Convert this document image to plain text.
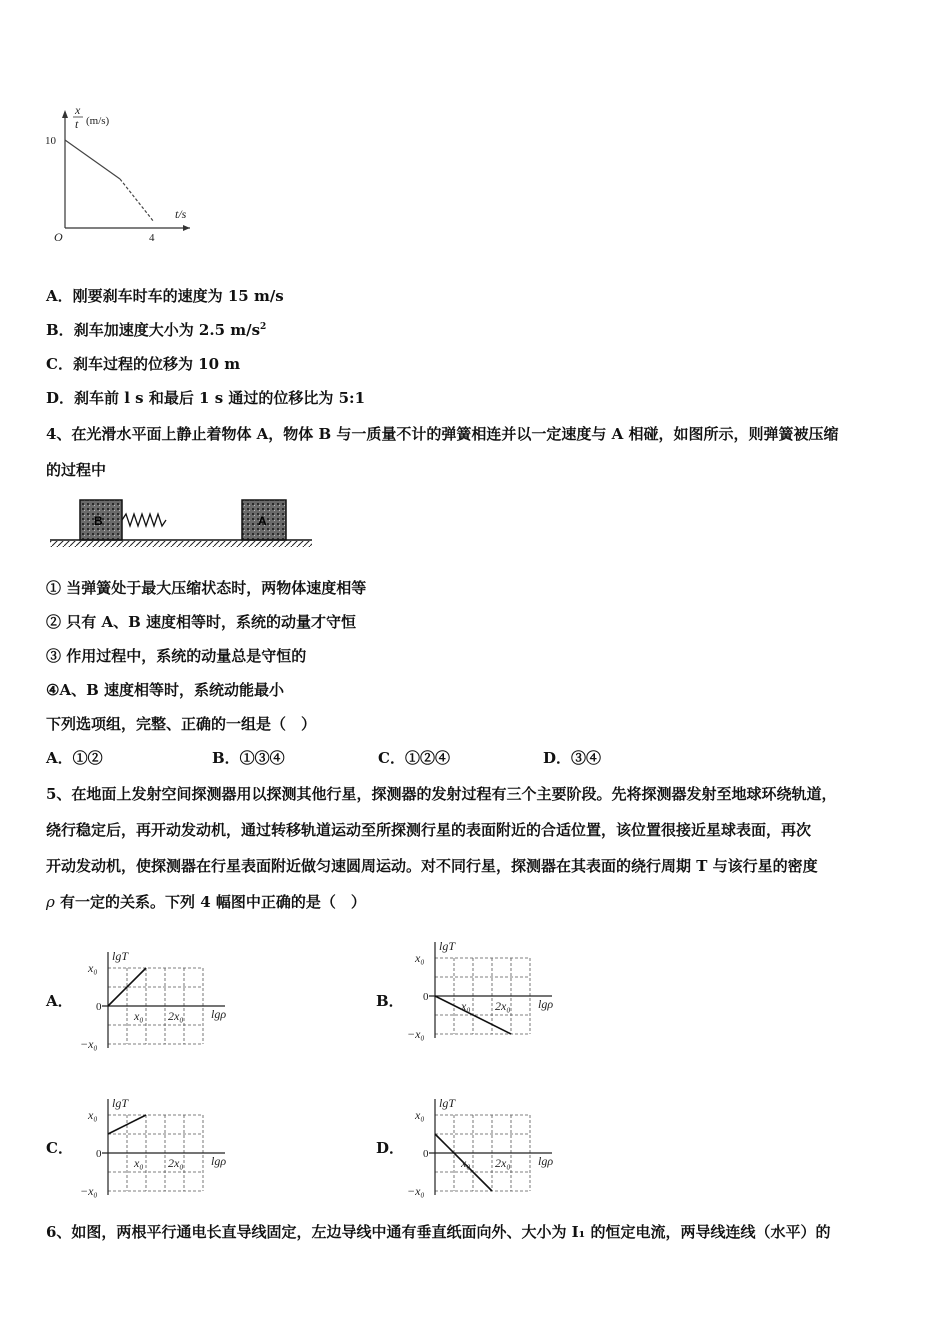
x
t (m/s)
10
4
O
t/s
A．刚要刹车时车的速度为 15 m/s
B．刹车加速度大小为 2.5 $m/s^2$
C．刹车过程的位移为 10 m
D．刹车前 l s 和最后 1 s 通过的位移比为 5:1
4、在光滑水平面上静止着物体 A，物体 B 与一质量不计的弹簧相连并以一定速度与 A 相碰，如图所示，则弹簧被压缩
的过程中
B	A
① 当弹簧处于最大压缩状态时，两物体速度相等
② 只有 A、B 速度相等时，系统的动量才守恒
③ 作用过程中，系统的动量总是守恒的
④A、B 速度相等时，系统动能最小
下列选项组，完整、正确的一组是（　）
A．①②	B．①③④	C．①②④	D．③④
5、在地面上发射空间探测器用以探测其他行星，探测器的发射过程有三个主要阶段。先将探测器发射至地球环绕轨道，
绕行稳定后，再开动发动机，通过转移轨道运动至所探测行星的表面附近的合适位置，该位置很接近星球表面，再次
开动发动机，使探测器在行星表面附近做匀速圆周运动。对不同行星，探测器在其表面的绕行周期 T 与该行星的密度
ρ 有一定的关系。下列 4 幅图中正确的是（　）
A．	B．
C．	D．
lgT
lgρ
x₀
−x₀
0
x₀ 2x₀
lgT
lgρ
x₀
−x₀
0
x₀ 2x₀
lgT
lgρ
x₀
−x₀
0
x₀ 2x₀
lgT
lgρ
x₀
−x₀
0
x₀ 2x₀
6、如图，两根平行通电长直导线固定，左边导线中通有垂直纸面向外、大小为 I₁ 的恒定电流，两导线连线（水平）的
